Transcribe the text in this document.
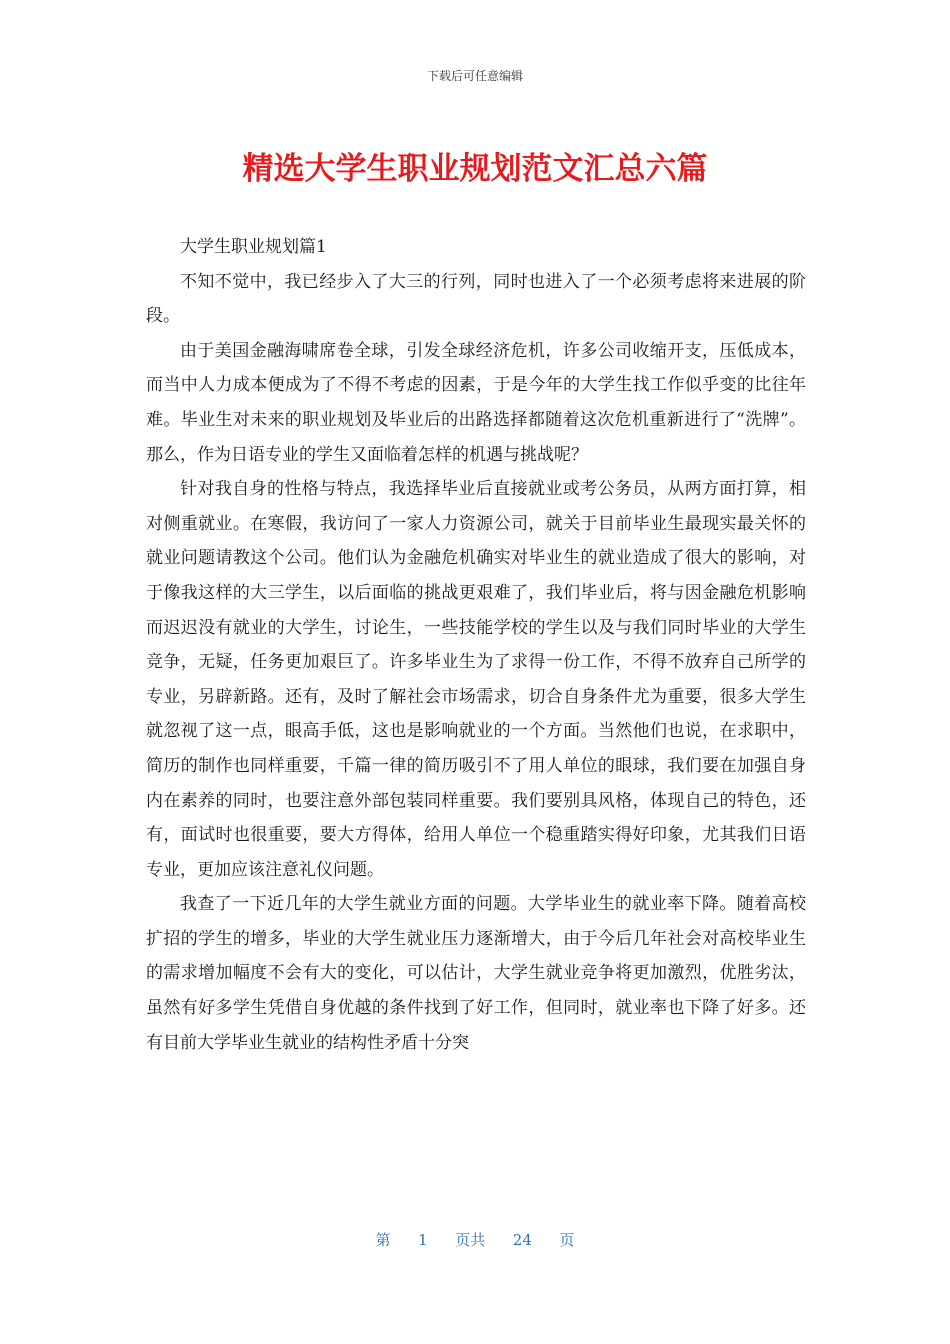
下载后可任意编辑
精选大学生职业规划范文汇总六篇

大学生职业规划篇1

不知不觉中，我已经步入了大三的行列，同时也进入了一个必须考虑将来进展的阶段。

由于美国金融海啸席卷全球，引发全球经济危机，许多公司收缩开支，压低成本，而当中人力成本便成为了不得不考虑的因素，于是今年的大学生找工作似乎变的比往年难。毕业生对未来的职业规划及毕业后的出路选择都随着这次危机重新进行了“洗牌”。那么，作为日语专业的学生又面临着怎样的机遇与挑战呢？

针对我自身的性格与特点，我选择毕业后直接就业或考公务员，从两方面打算，相对侧重就业。在寒假，我访问了一家人力资源公司，就关于目前毕业生最现实最关怀的就业问题请教这个公司。他们认为金融危机确实对毕业生的就业造成了很大的影响，对于像我这样的大三学生，以后面临的挑战更艰难了，我们毕业后，将与因金融危机影响而迟迟没有就业的大学生，讨论生，一些技能学校的学生以及与我们同时毕业的大学生竞争，无疑，任务更加艰巨了。许多毕业生为了求得一份工作，不得不放弃自己所学的专业，另辟新路。还有，及时了解社会市场需求，切合自身条件尤为重要，很多大学生就忽视了这一点，眼高手低，这也是影响就业的一个方面。当然他们也说，在求职中，简历的制作也同样重要，千篇一律的简历吸引不了用人单位的眼球，我们要在加强自身内在素养的同时，也要注意外部包装同样重要。我们要别具风格，体现自己的特色，还有，面试时也很重要，要大方得体，给用人单位一个稳重踏实得好印象，尤其我们日语专业，更加应该注意礼仪问题。

我查了一下近几年的大学生就业方面的问题。大学毕业生的就业率下降。随着高校扩招的学生的增多，毕业的大学生就业压力逐渐增大，由于今后几年社会对高校毕业生的需求增加幅度不会有大的变化，可以估计，大学生就业竞争将更加激烈，优胜劣汰，虽然有好多学生凭借自身优越的条件找到了好工作，但同时，就业率也下降了好多。还有目前大学毕业生就业的结构性矛盾十分突

第 1 页共 24 页
